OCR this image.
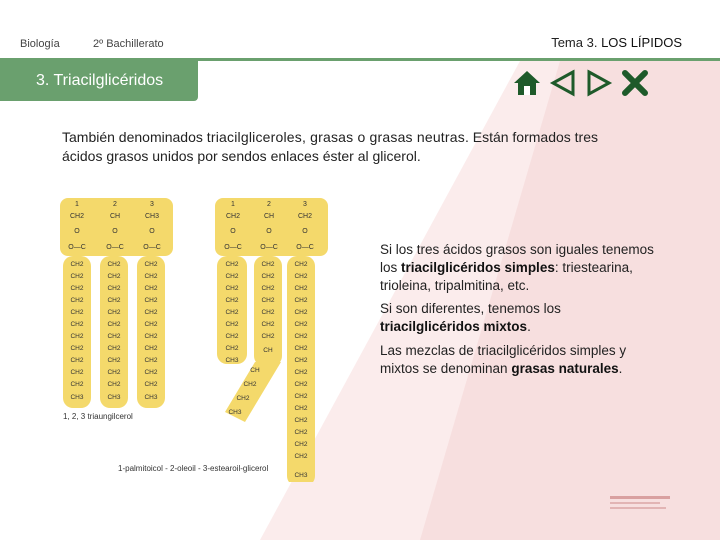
Biología	2º Bachillerato	Tema 3. LOS LÍPIDOS
3. Triacilglicéridos
También denominados triacilgliceroles, grasas o grasas neutras. Están formados tres ácidos grasos unidos por sendos enlaces éster al glicerol.
1	2	3
CH2	CH	CH3
O	O	O
O—C	O—C	O—C
CH2
CH2
CH2
CH2
CH2
CH2
CH2
CH2
CH2
CH2
CH2
CH3
CH2
CH2
CH2
CH2
CH2
CH2
CH2
CH2
CH2
CH2
CH2
CH3
CH2
CH2
CH2
CH2
CH2
CH2
CH2
CH2
CH2
CH2
CH2
CH3
1	2	3
CH2	CH	CH2
O	O	O
O—C	O—C	O—C
CH2
CH2
CH2
CH2
CH2
CH2
CH2
CH2
CH3
CH2
CH2
CH2
CH2
CH2
CH2
CH2
CH
CH
CH2
CH2
CH3
CH2
CH2
CH2
CH2
CH2
CH2
CH2
CH2
CH2
CH2
CH2
CH2
CH2
CH2
CH2
CH2
CH2
CH3
1, 2, 3 triaungilcerol
1-palmitoicol - 2-oleoil - 3-estearoil-glicerol
Si los tres ácidos grasos son iguales tenemos los triacilglicéridos simples: triestearina, trioleina, tripalmitina, etc.
Si son diferentes, tenemos los triacilglicéridos mixtos.
Las mezclas de triacilglicéridos simples y mixtos se denominan grasas naturales.
